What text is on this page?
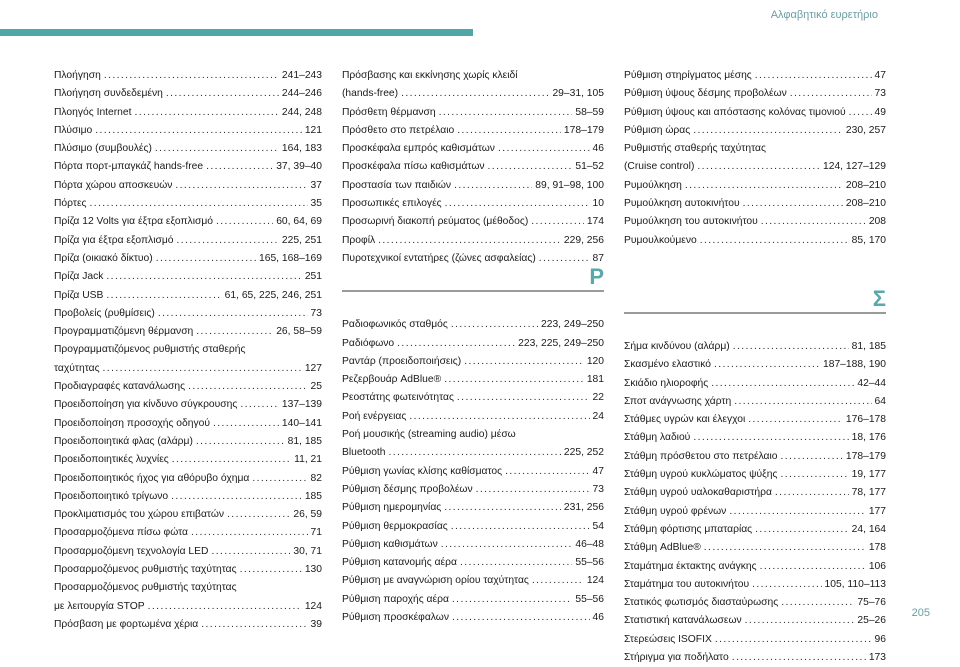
Αλφαβητικό ευρετήριο
Πλοήγηση .....	241–243
Πλοήγηση συνδεδεμένη .....	244–246
Πλοηγός Internet .....	244, 248
Πλύσιμο .....	121
Πλύσιμο (συμβουλές) .....	164, 183
Πόρτα πορτ-μπαγκάζ hands-free .....	37, 39–40
Πόρτα χώρου αποσκευών .....	37
Πόρτες .....	35
Πρίζα 12 Volts για έξτρα εξοπλισμό .....	60, 64, 69
Πρίζα για έξτρα εξοπλισμό .....	225, 251
Πρίζα (οικιακό δίκτυο) .....	165, 168–169
Πρίζα Jack .....	251
Πρίζα USB .....	61, 65, 225, 246, 251
Προβολείς (ρυθμίσεις) .....	73
Προγραμματιζόμενη θέρμανση .....	26, 58–59
Προγραμματιζόμενος ρυθμιστής σταθερής
ταχύτητας .....	127
Προδιαγραφές κατανάλωσης .....	25
Προειδοποίηση για κίνδυνο σύγκρουσης .....	137–139
Προειδοποίηση προσοχής οδηγού .....	140–141
Προειδοποιητικά φλας (αλάρμ) .....	81, 185
Προειδοποιητικές λυχνίες .....	11, 21
Προειδοποιητικός ήχος για αθόρυβο όχημα .....	82
Προειδοποιητικό τρίγωνο .....	185
Προκλιματισμός του χώρου επιβατών .....	26, 59
Προσαρμοζόμενα πίσω φώτα .....	71
Προσαρμοζόμενη τεχνολογία LED .....	30, 71
Προσαρμοζόμενος ρυθμιστής ταχύτητας .....	130
Προσαρμοζόμενος ρυθμιστής ταχύτητας
με λειτουργία STOP .....	124
Πρόσβαση με φορτωμένα χέρια .....	39
Πρόσβασης και εκκίνησης χωρίς κλειδί
(hands-free) .....	29–31, 105
Πρόσθετη θέρμανση .....	58–59
Πρόσθετο στο πετρέλαιο .....	178–179
Προσκέφαλα εμπρός καθισμάτων .....	46
Προσκέφαλα πίσω καθισμάτων .....	51–52
Προστασία των παιδιών .....	89, 91–98, 100
Προσωπικές επιλογές .....	10
Προσωρινή διακοπή ρεύματος (μέθοδος) .....	174
Προφίλ .....	229, 256
Πυροτεχνικοί εντατήρες (ζώνες ασφαλείας) .....	87
Ρ
Ραδιοφωνικός σταθμός .....	223, 249–250
Ραδιόφωνο .....	223, 225, 249–250
Ραντάρ (προειδοποιήσεις) .....	120
Ρεζερβουάρ AdBlue® .....	181
Ρεοστάτης φωτεινότητας .....	22
Ροή ενέργειας .....	24
Ροή μουσικής (streaming audio) μέσω
Bluetooth .....	225, 252
Ρύθμιση γωνίας κλίσης καθίσματος .....	47
Ρύθμιση δέσμης προβολέων .....	73
Ρύθμιση ημερομηνίας .....	231, 256
Ρύθμιση θερμοκρασίας .....	54
Ρύθμιση καθισμάτων .....	46–48
Ρύθμιση κατανομής αέρα .....	55–56
Ρύθμιση με αναγνώριση ορίου ταχύτητας .....	124
Ρύθμιση παροχής αέρα .....	55–56
Ρύθμιση προσκέφαλων .....	46
Ρύθμιση στηρίγματος μέσης .....	47
Ρύθμιση ύψους δέσμης προβολέων .....	73
Ρύθμιση ύψους και απόστασης κολόνας τιμονιού .....	49
Ρύθμιση ώρας .....	230, 257
Ρυθμιστής σταθερής ταχύτητας
(Cruise control) .....	124, 127–129
Ρυμούλκηση .....	208–210
Ρυμούλκηση αυτοκινήτου .....	208–210
Ρυμούλκηση του αυτοκινήτου .....	208
Ρυμουλκούμενο .....	85, 170
Σ
Σήμα κινδύνου (αλάρμ) .....	81, 185
Σκασμένο ελαστικό .....	187–188, 190
Σκιάδιο ηλιοροφής .....	42–44
Σποτ ανάγνωσης χάρτη .....	64
Στάθμες υγρών και έλεγχοι .....	176–178
Στάθμη λαδιού .....	18, 176
Στάθμη πρόσθετου στο πετρέλαιο .....	178–179
Στάθμη υγρού κυκλώματος ψύξης .....	19, 177
Στάθμη υγρού υαλοκαθαριστήρα .....	78, 177
Στάθμη υγρού φρένων .....	177
Στάθμη φόρτισης μπαταρίας .....	24, 164
Στάθμη AdBlue® .....	178
Σταμάτημα έκτακτης ανάγκης .....	106
Σταμάτημα του αυτοκινήτου .....	105, 110–113
Στατικός φωτισμός διασταύρωσης .....	75–76
Στατιστική κατανάλωσεων .....	25–26
Στερεώσεις ISOFIX .....	96
Στήριγμα για ποδήλατο .....	173
205
